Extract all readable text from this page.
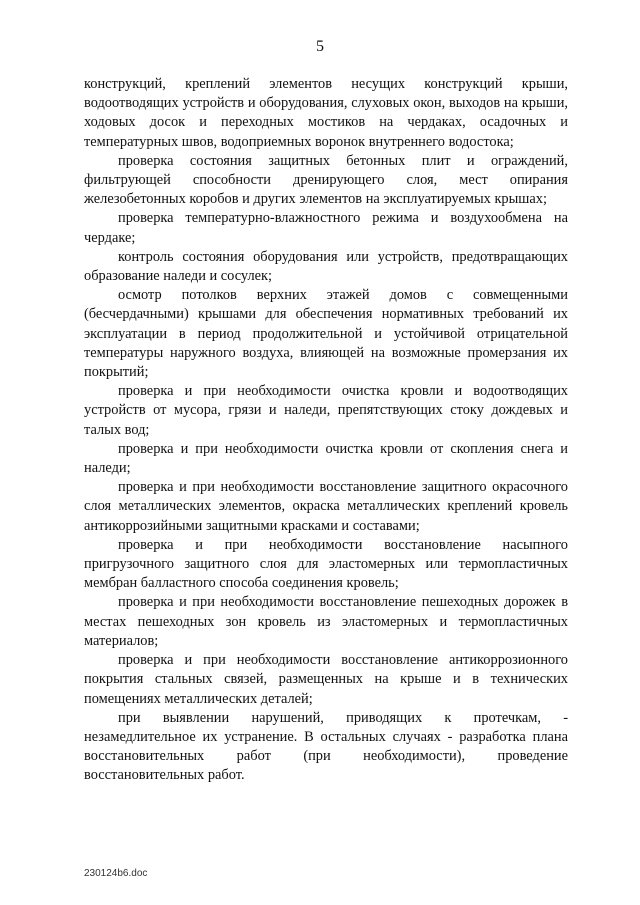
5

конструкций, креплений элементов несущих конструкций крыши, водоотводящих устройств и оборудования, слуховых окон, выходов на крыши, ходовых досок и переходных мостиков на чердаках, осадочных и температурных швов, водоприемных воронок внутреннего водостока;

проверка состояния защитных бетонных плит и ограждений, фильтрующей способности дренирующего слоя, мест опирания железобетонных коробов и других элементов на эксплуатируемых крышах;

проверка температурно-влажностного режима и воздухообмена на чердаке;

контроль состояния оборудования или устройств, предотвращающих образование наледи и сосулек;

осмотр потолков верхних этажей домов с совмещенными (бесчердачными) крышами для обеспечения нормативных требований их эксплуатации в период продолжительной и устойчивой отрицательной температуры наружного воздуха, влияющей на возможные промерзания их покрытий;

проверка и при необходимости очистка кровли и водоотводящих устройств от мусора, грязи и наледи, препятствующих стоку дождевых и талых вод;

проверка и при необходимости очистка кровли от скопления снега и наледи;

проверка и при необходимости восстановление защитного окрасочного слоя металлических элементов, окраска металлических креплений кровель антикоррозийными защитными красками и составами;

проверка и при необходимости восстановление насыпного пригрузочного защитного слоя для эластомерных или термопластичных мембран балластного способа соединения кровель;

проверка и при необходимости восстановление пешеходных дорожек в местах пешеходных зон кровель из эластомерных и термопластичных материалов;

проверка и при необходимости восстановление антикоррозионного покрытия стальных связей, размещенных на крыше и в технических помещениях металлических деталей;

при выявлении нарушений, приводящих к протечкам, - незамедлительное их устранение. В остальных случаях - разработка плана восстановительных работ (при необходимости), проведение восстановительных работ.

230124b6.doc
